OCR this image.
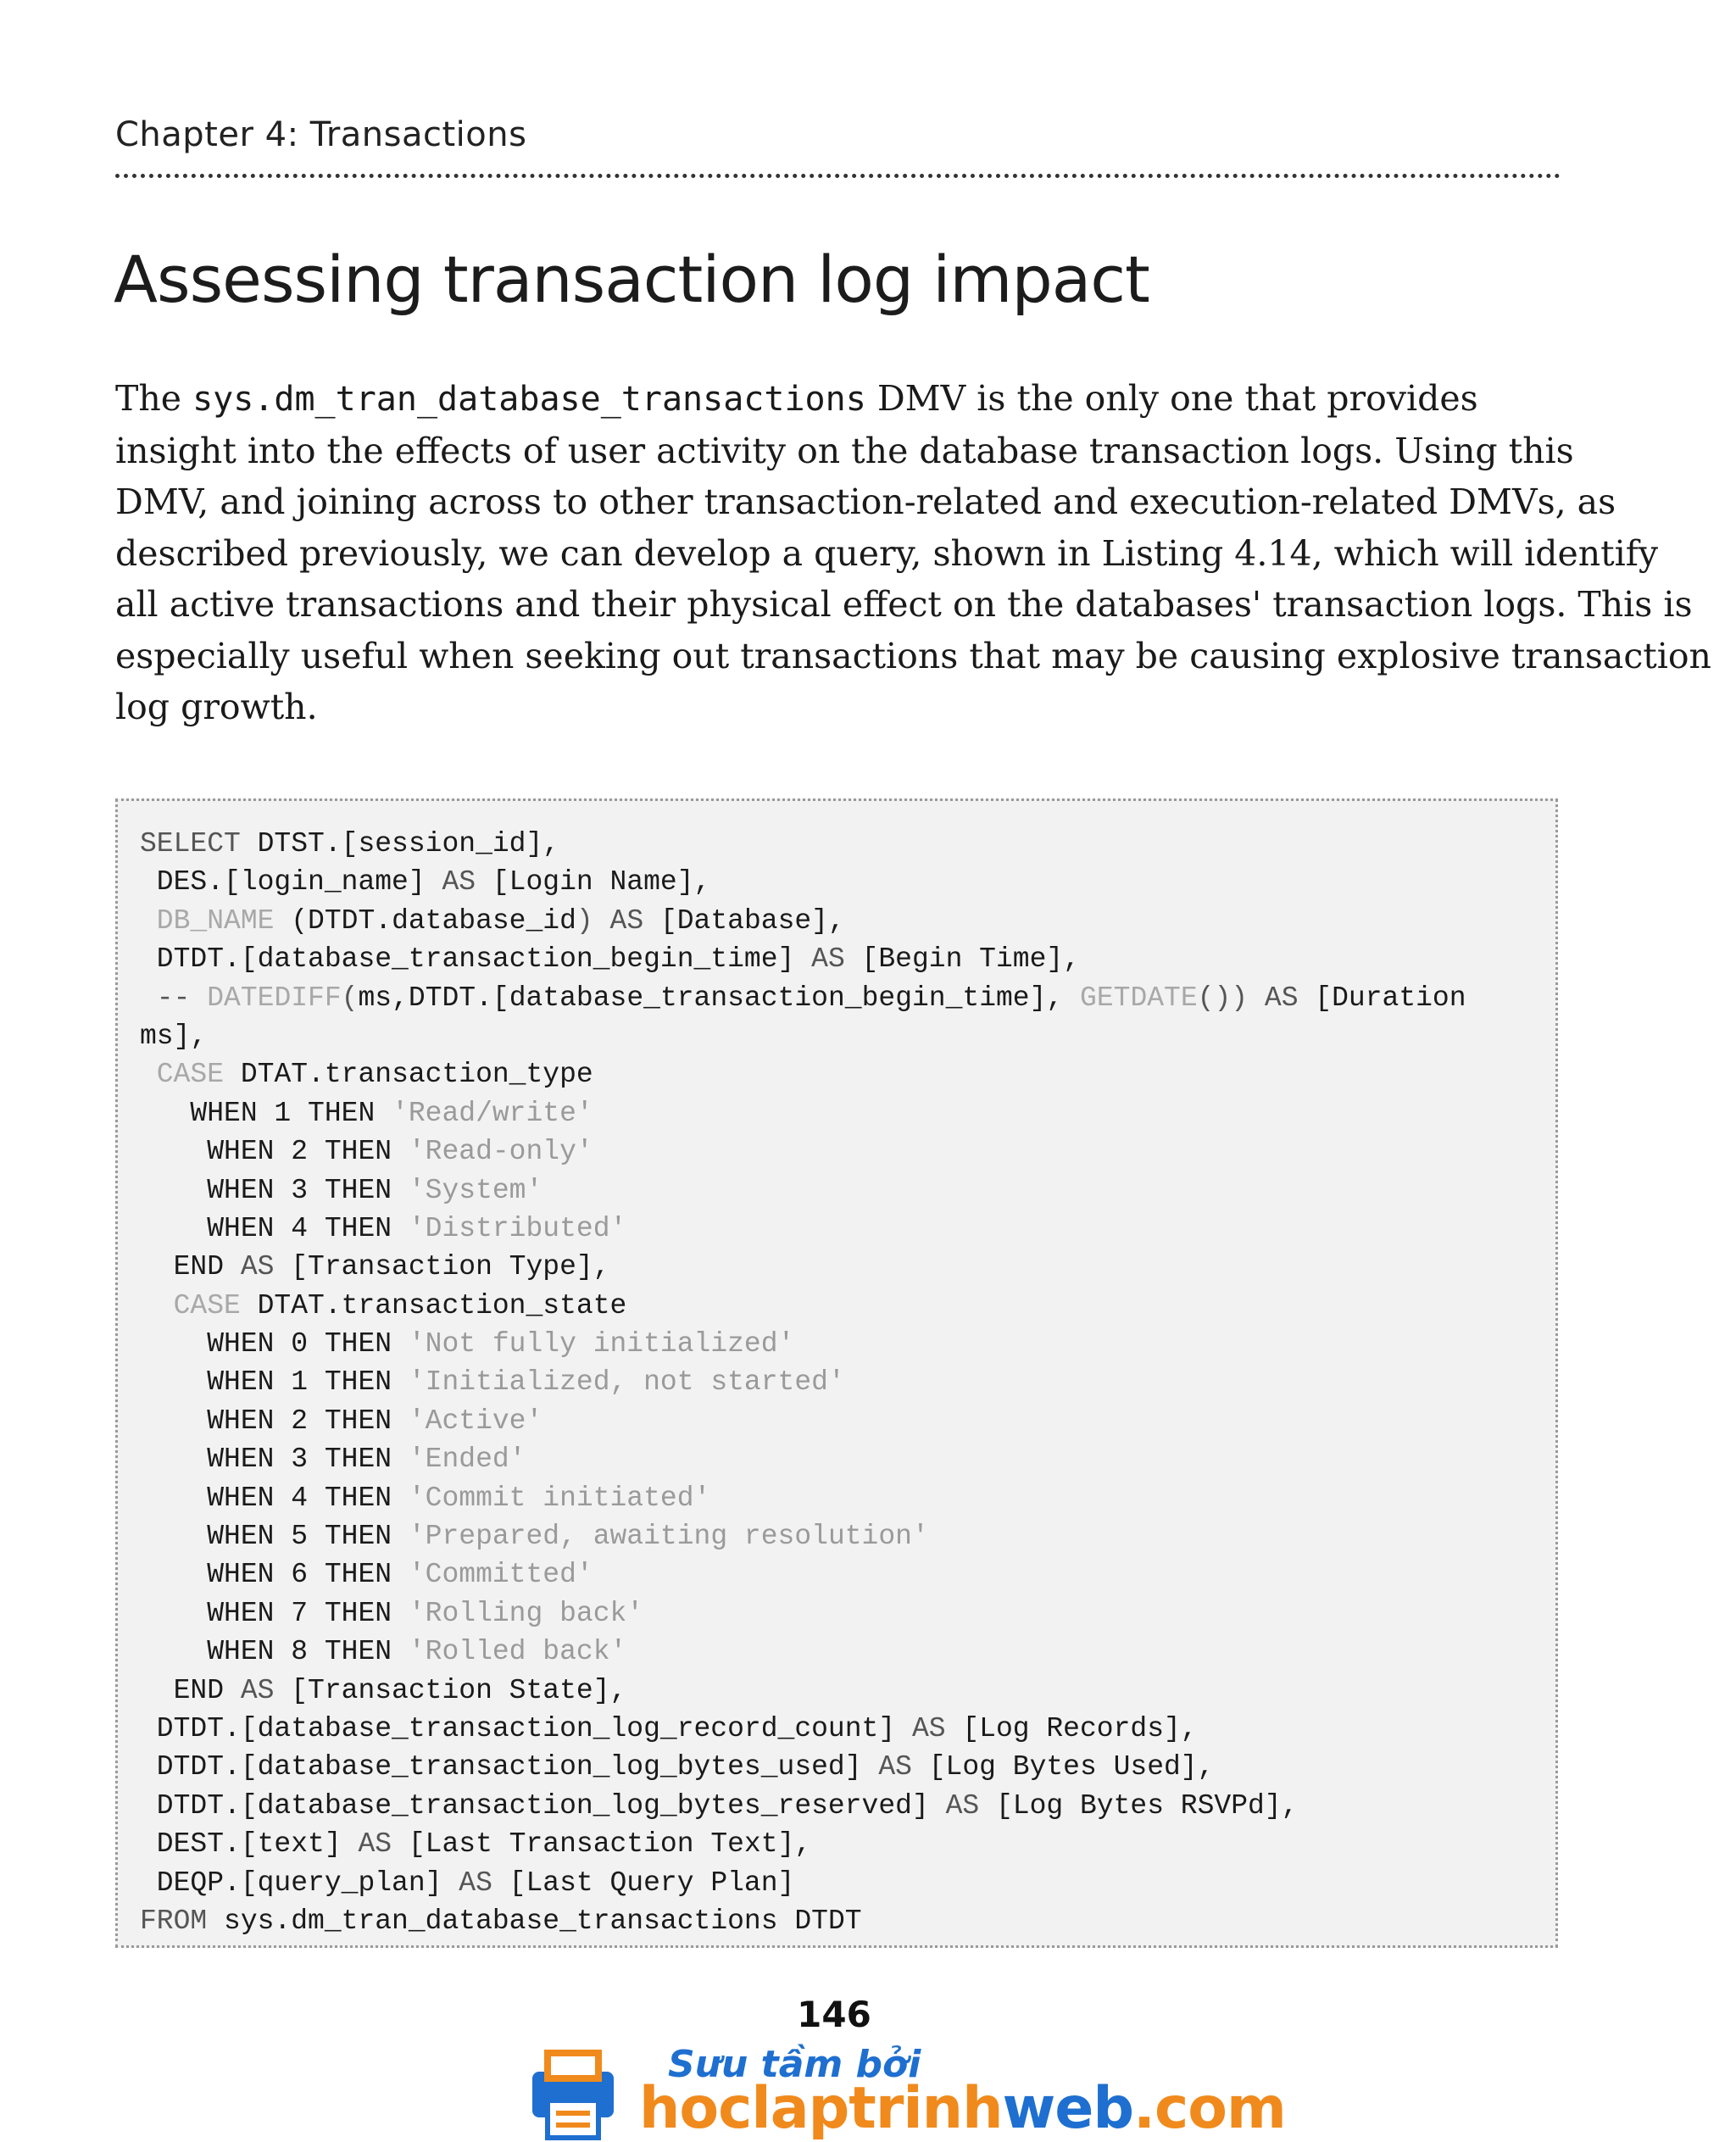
Chapter 4: Transactions
Assessing transaction log impact
The sys.dm_tran_database_transactions DMV is the only one that provides
insight into the effects of user activity on the database transaction logs. Using this
DMV, and joining across to other transaction-related and execution-related DMVs, as
described previously, we can develop a query, shown in Listing 4.14, which will identify
all active transactions and their physical effect on the databases' transaction logs. This is
especially useful when seeking out transactions that may be causing explosive transaction
log growth.
SELECT DTST.[session_id],
DES.[login_name] AS [Login Name],
DB_NAME (DTDT.database_id) AS [Database],
DTDT.[database_transaction_begin_time] AS [Begin Time],
-- DATEDIFF(ms,DTDT.[database_transaction_begin_time], GETDATE()) AS [Duration
ms],
CASE DTAT.transaction_type
WHEN 1 THEN 'Read/write'
WHEN 2 THEN 'Read-only'
WHEN 3 THEN 'System'
WHEN 4 THEN 'Distributed'
END AS [Transaction Type],
CASE DTAT.transaction_state
WHEN 0 THEN 'Not fully initialized'
WHEN 1 THEN 'Initialized, not started'
WHEN 2 THEN 'Active'
WHEN 3 THEN 'Ended'
WHEN 4 THEN 'Commit initiated'
WHEN 5 THEN 'Prepared, awaiting resolution'
WHEN 6 THEN 'Committed'
WHEN 7 THEN 'Rolling back'
WHEN 8 THEN 'Rolled back'
END AS [Transaction State],
DTDT.[database_transaction_log_record_count] AS [Log Records],
DTDT.[database_transaction_log_bytes_used] AS [Log Bytes Used],
DTDT.[database_transaction_log_bytes_reserved] AS [Log Bytes RSVPd],
DEST.[text] AS [Last Transaction Text],
DEQP.[query_plan] AS [Last Query Plan]
FROM sys.dm_tran_database_transactions DTDT
146
Sưu tầm bởi
hoclaptrinhweb.com
